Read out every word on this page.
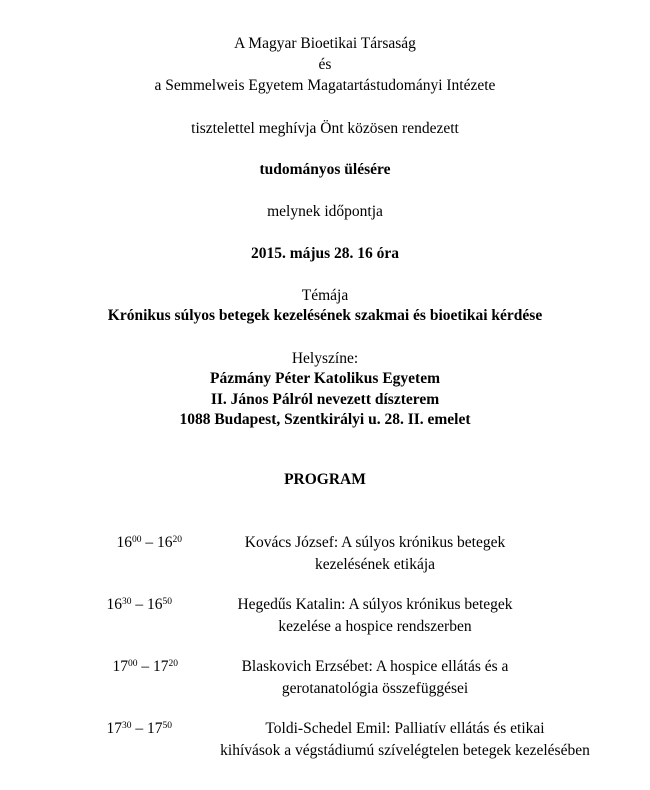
A Magyar Bioetikai Társaság
és
a Semmelweis Egyetem Magatartástudományi Intézete
tisztelettel meghívja Önt közösen rendezett
tudományos ülésére
melynek időpontja
2015. május 28. 16 óra
Témája
Krónikus súlyos betegek kezelésének szakmai és bioetikai kérdése
Helyszíne:
Pázmány Péter Katolikus Egyetem
II. János Pálról nevezett díszterem
1088 Budapest, Szentkirályi u. 28. II. emelet
PROGRAM
$16^{00} - 16^{20}$	Kovács József: A súlyos krónikus betegek
kezelésének etikája
$16^{30} - 16^{50}$	Hegedűs Katalin: A súlyos krónikus betegek
kezelése a hospice rendszerben
$17^{00} - 17^{20}$	Blaskovich Erzsébet: A hospice ellátás és a
gerotanatológia összefüggései
$17^{30} - 17^{50}$	Toldi-Schedel Emil: Palliatív ellátás és etikai
kihívások a végstádiumú szívelégtelen betegek kezelésében
